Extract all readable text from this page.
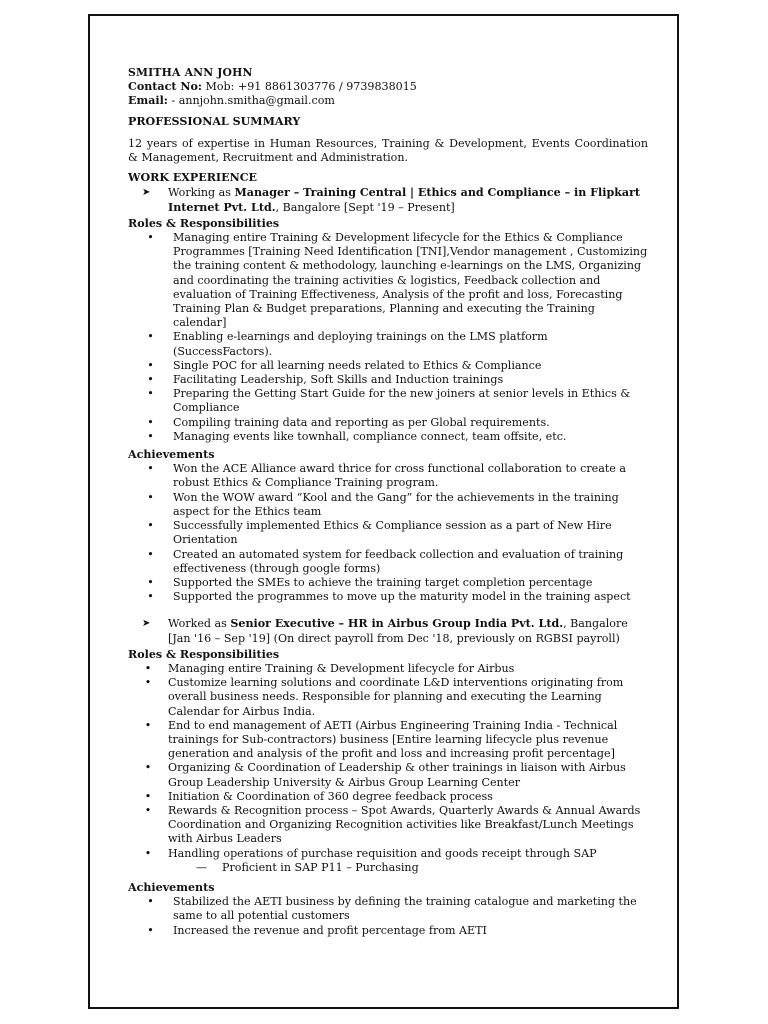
SMITHA ANN JOHN

Contact No: Mob: +91 8861303776 / 9739838015

Email: - annjohn.smitha@gmail.com

PROFESSIONAL SUMMARY

12 years of expertise in Human Resources, Training & Development, Events Coordination & Management, Recruitment and Administration.

WORK EXPERIENCE

➤	Working as Manager – Training Central | Ethics and Compliance – in Flipkart Internet Pvt. Ltd., Bangalore [Sept '19 – Present]

Roles & Responsibilities

•
Managing entire Training & Development lifecycle for the Ethics & Compliance Programmes [Training Need Identification [TNI],Vendor management , Customizing the training content & methodology, launching e-learnings on the LMS, Organizing and coordinating the training activities & logistics, Feedback collection and evaluation of Training Effectiveness, Analysis of the profit and loss, Forecasting Training Plan & Budget preparations, Planning and executing the Training calendar]
•
Enabling e-learnings and deploying trainings on the LMS platform (SuccessFactors).
•
Single POC for all learning needs related to Ethics & Compliance
•
Facilitating Leadership, Soft Skills and Induction trainings
•
Preparing the Getting Start Guide for the new joiners at senior levels in Ethics & Compliance
•
Compiling training data and reporting as per Global requirements.
•
Managing events like townhall, compliance connect, team offsite, etc.

Achievements

•
Won the ACE Alliance award thrice for cross functional collaboration to create a robust Ethics & Compliance Training program.
•
Won the WOW award “Kool and the Gang” for the achievements in the training aspect for the Ethics team
•
Successfully implemented Ethics & Compliance session as a part of New Hire Orientation
•
Created an automated system for feedback collection and evaluation of training effectiveness (through google forms)
•
Supported the SMEs to achieve the training target completion percentage
•
Supported the programmes to move up the maturity model in the training aspect
➤	Worked as Senior Executive – HR in Airbus Group India Pvt. Ltd., Bangalore [Jan '16 – Sep '19] (On direct payroll from Dec '18, previously on RGBSI payroll)

Roles & Responsibilities

•
Managing entire Training & Development lifecycle for Airbus
•
Customize learning solutions and coordinate L&D interventions originating from overall business needs. Responsible for planning and executing the Learning Calendar for Airbus India.
•
End to end management of AETI (Airbus Engineering Training India - Technical trainings for Sub-contractors) business [Entire learning lifecycle plus revenue generation and analysis of the profit and loss and increasing profit percentage]
•
Organizing & Coordination of Leadership & other trainings in liaison with Airbus Group Leadership University & Airbus Group Learning Center
•
Initiation & Coordination of 360 degree feedback process
•
Rewards & Recognition process – Spot Awards, Quarterly Awards & Annual Awards Coordination and Organizing Recognition activities like Breakfast/Lunch Meetings with Airbus Leaders
•
Handling operations of purchase requisition and goods receipt through SAP
—	Proficient in SAP P11 – Purchasing

Achievements

•
Stabilized the AETI business by defining the training catalogue and marketing the same to all potential customers
•
Increased the revenue and profit percentage from AETI
